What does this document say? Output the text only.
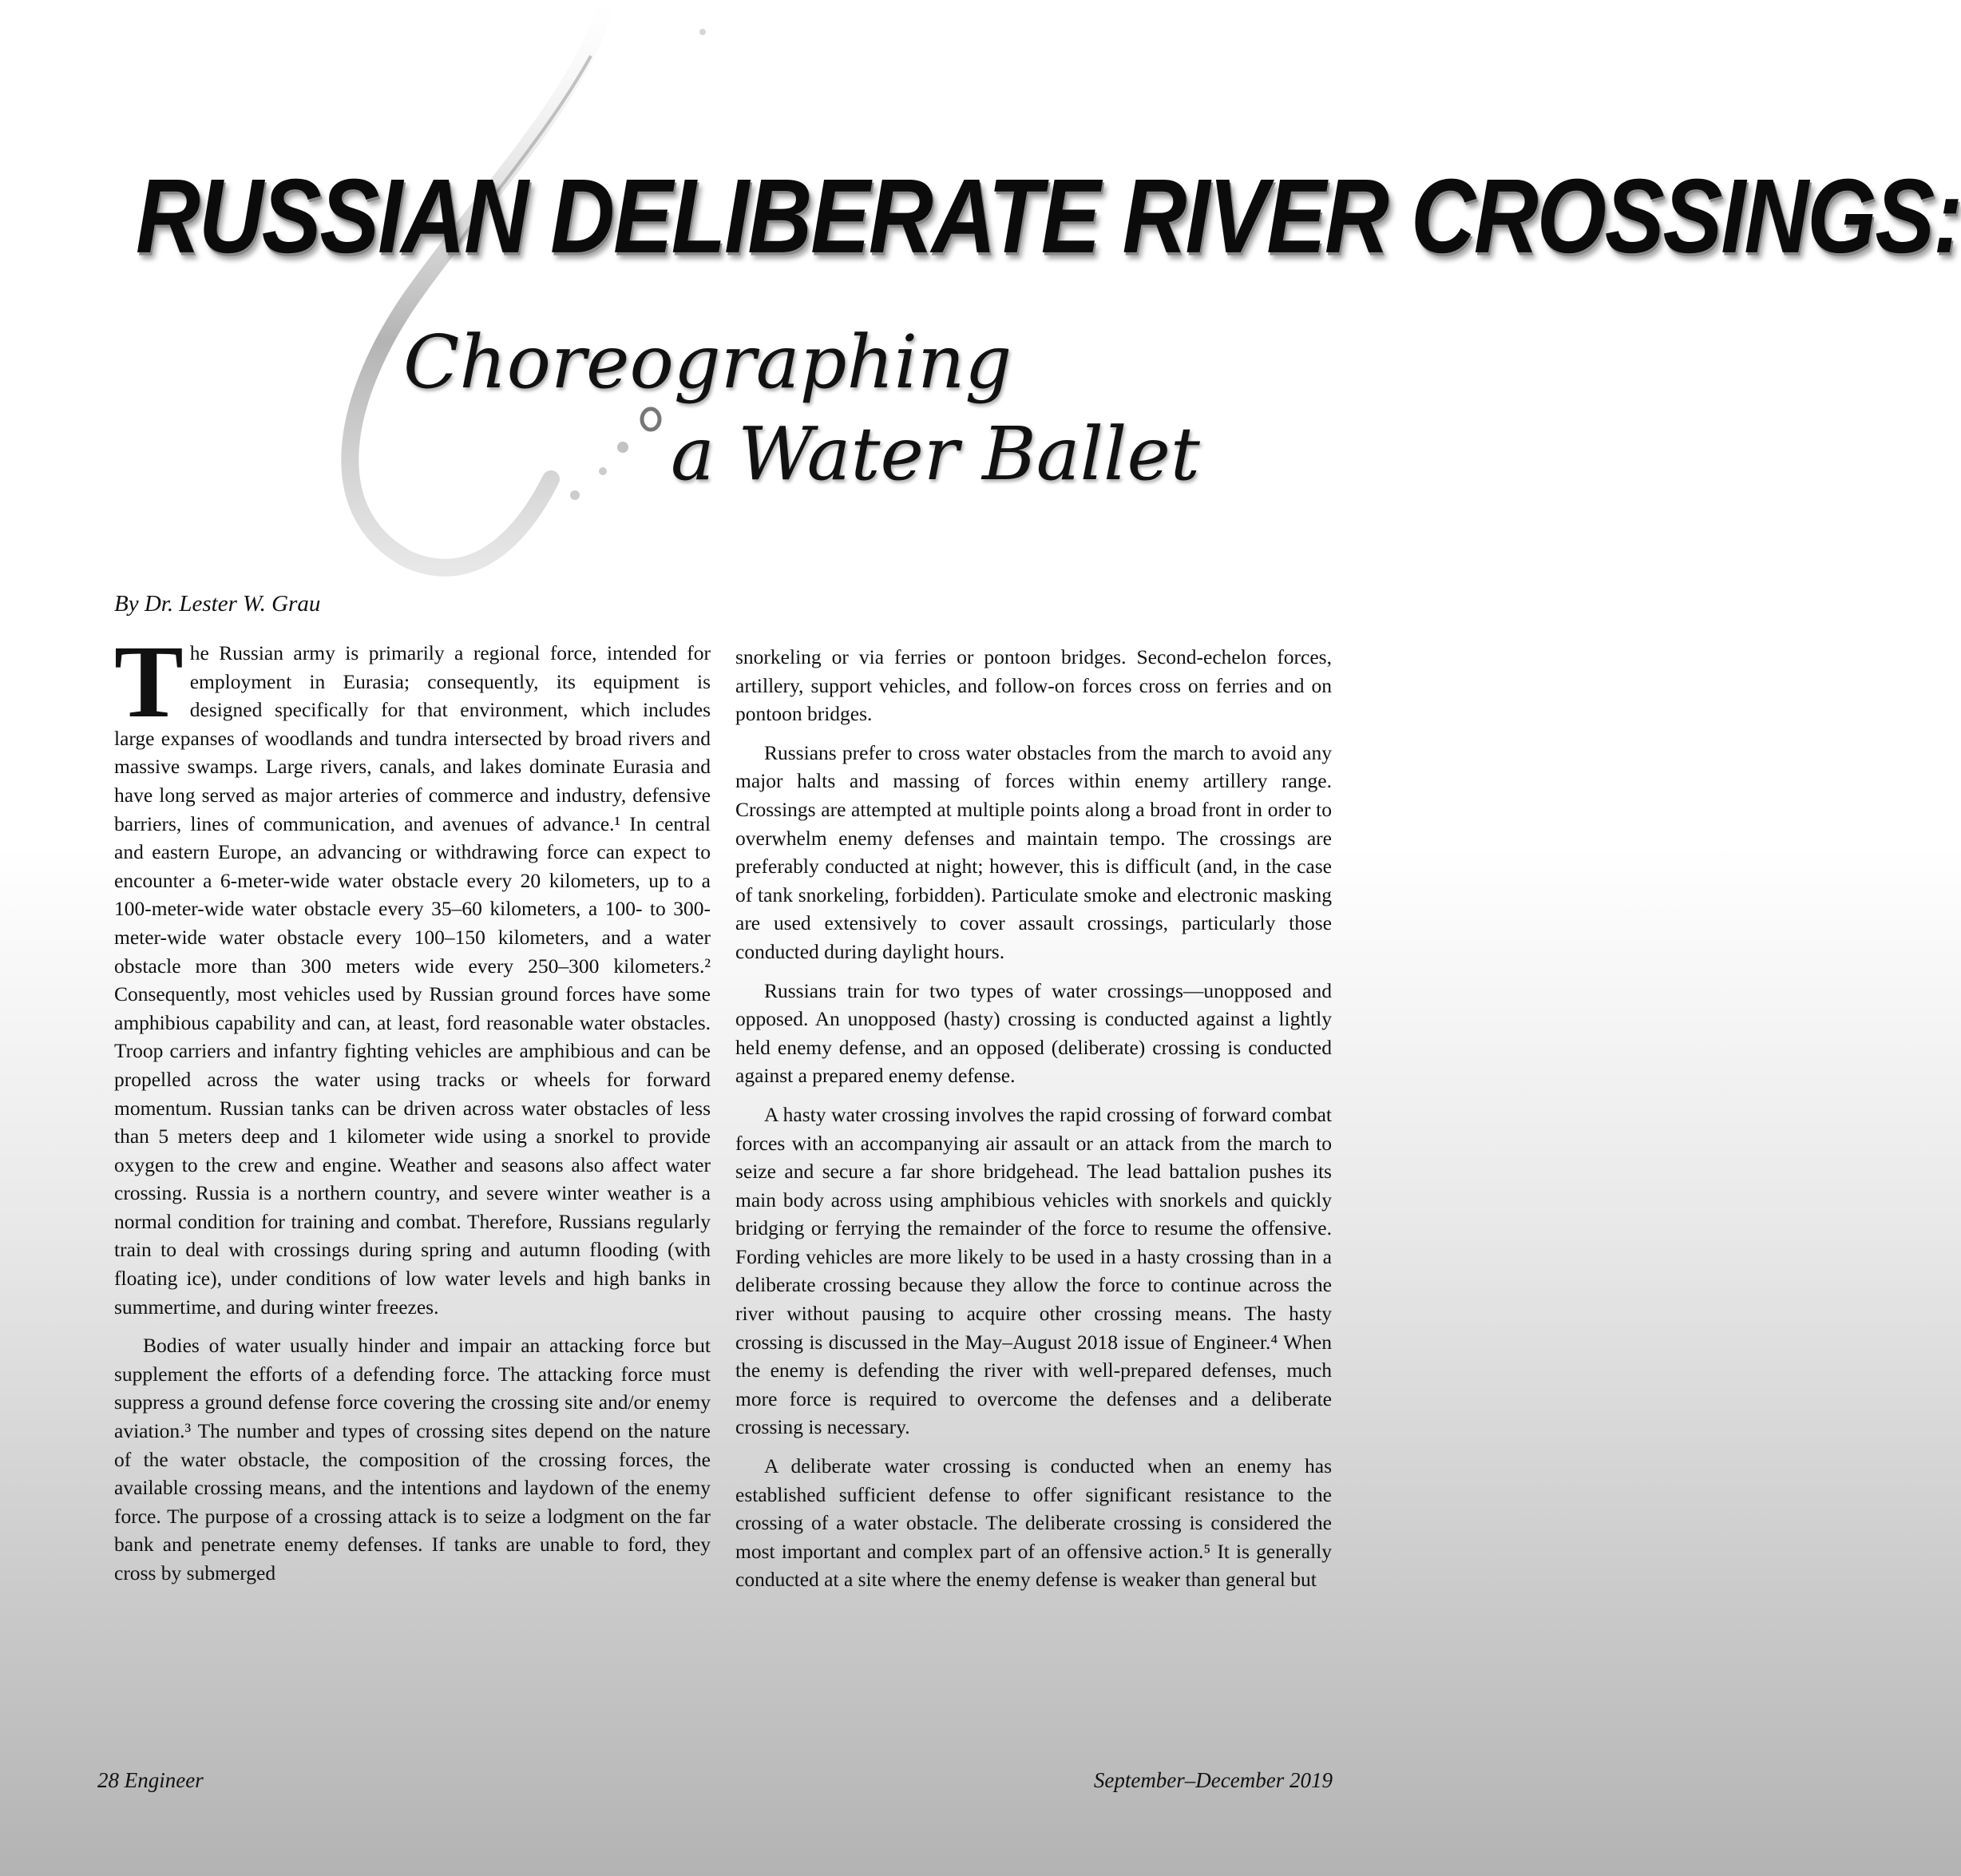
RUSSIAN DELIBERATE RIVER CROSSINGS:
Choreographing
a Water Ballet
By Dr. Lester W. Grau

The Russian army is primarily a regional force, intended for employment in Eurasia; consequently, its equipment is designed specifically for that environment, which includes large expanses of woodlands and tundra intersected by broad rivers and massive swamps. Large rivers, canals, and lakes dominate Eurasia and have long served as major arteries of commerce and industry, defensive barriers, lines of communication, and avenues of advance.¹ In central and eastern Europe, an advancing or withdrawing force can expect to encounter a 6-meter-wide water obstacle every 20 kilometers, up to a 100-meter-wide water obstacle every 35–60 kilometers, a 100- to 300-meter-wide water obstacle every 100–150 kilometers, and a water obstacle more than 300 meters wide every 250–300 kilometers.² Consequently, most vehicles used by Russian ground forces have some amphibious capability and can, at least, ford reasonable water obstacles. Troop carriers and infantry fighting vehicles are amphibious and can be propelled across the water using tracks or wheels for forward momentum. Russian tanks can be driven across water obstacles of less than 5 meters deep and 1 kilometer wide using a snorkel to provide oxygen to the crew and engine. Weather and seasons also affect water crossing. Russia is a northern country, and severe winter weather is a normal condition for training and combat. Therefore, Russians regularly train to deal with crossings during spring and autumn flooding (with floating ice), under conditions of low water levels and high banks in summertime, and during winter freezes.

Bodies of water usually hinder and impair an attacking force but supplement the efforts of a defending force. The attacking force must suppress a ground defense force covering the crossing site and/or enemy aviation.³ The number and types of crossing sites depend on the nature of the water obstacle, the composition of the crossing forces, the available crossing means, and the intentions and laydown of the enemy force. The purpose of a crossing attack is to seize a lodgment on the far bank and penetrate enemy defenses. If tanks are unable to ford, they cross by submerged

snorkeling or via ferries or pontoon bridges. Second-echelon forces, artillery, support vehicles, and follow-on forces cross on ferries and on pontoon bridges.

Russians prefer to cross water obstacles from the march to avoid any major halts and massing of forces within enemy artillery range. Crossings are attempted at multiple points along a broad front in order to overwhelm enemy defenses and maintain tempo. The crossings are preferably conducted at night; however, this is difficult (and, in the case of tank snorkeling, forbidden). Particulate smoke and electronic masking are used extensively to cover assault crossings, particularly those conducted during daylight hours.

Russians train for two types of water crossings—unopposed and opposed. An unopposed (hasty) crossing is conducted against a lightly held enemy defense, and an opposed (deliberate) crossing is conducted against a prepared enemy defense.

A hasty water crossing involves the rapid crossing of forward combat forces with an accompanying air assault or an attack from the march to seize and secure a far shore bridgehead. The lead battalion pushes its main body across using amphibious vehicles with snorkels and quickly bridging or ferrying the remainder of the force to resume the offensive. Fording vehicles are more likely to be used in a hasty crossing than in a deliberate crossing because they allow the force to continue across the river without pausing to acquire other crossing means. The hasty crossing is discussed in the May–August 2018 issue of Engineer.⁴ When the enemy is defending the river with well-prepared defenses, much more force is required to overcome the defenses and a deliberate crossing is necessary.

A deliberate water crossing is conducted when an enemy has established sufficient defense to offer significant resistance to the crossing of a water obstacle. The deliberate crossing is considered the most important and complex part of an offensive action.⁵ It is generally conducted at a site where the enemy defense is weaker than general but

28 Engineer	September–December 2019
